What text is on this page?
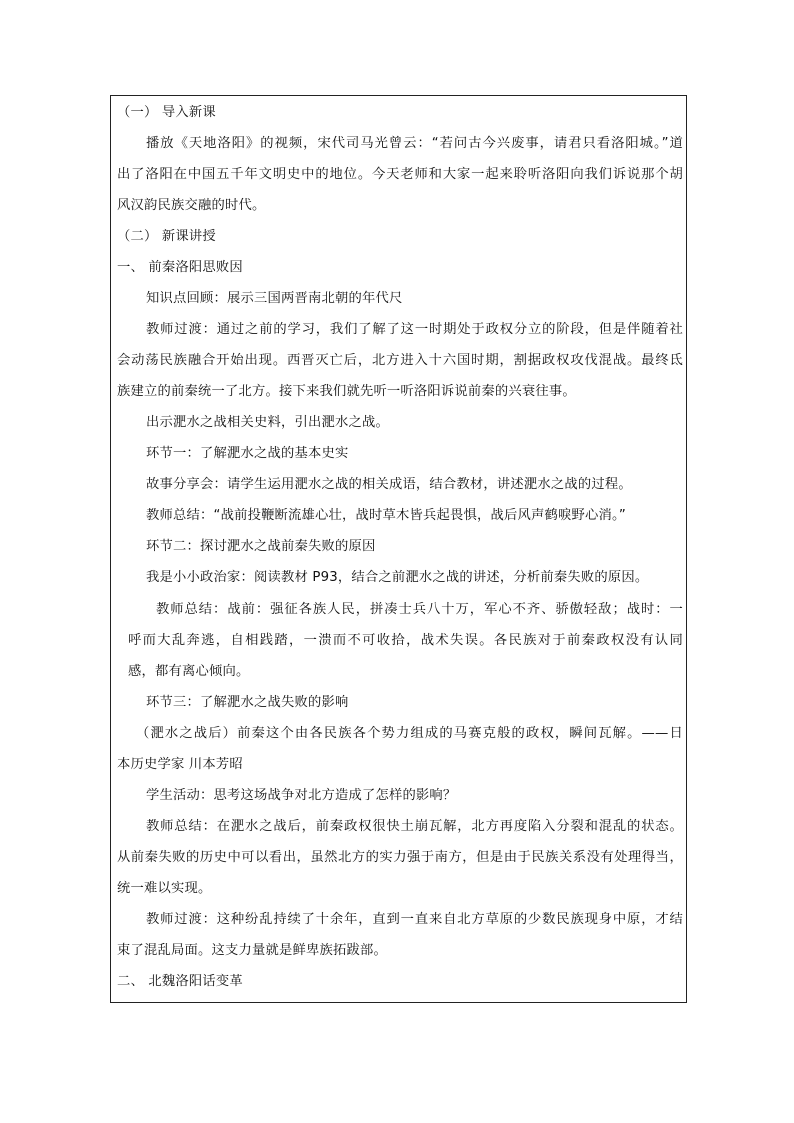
（一） 导入新课
播放《天地洛阳》的视频，宋代司马光曾云：“若问古今兴废事，请君只看洛阳城。”道
出了洛阳在中国五千年文明史中的地位。今天老师和大家一起来聆听洛阳向我们诉说那个胡
风汉韵民族交融的时代。
（二） 新课讲授
一、 前秦洛阳思败因
知识点回顾：展示三国两晋南北朝的年代尺
教师过渡：通过之前的学习，我们了解了这一时期处于政权分立的阶段，但是伴随着社
会动荡民族融合开始出现。西晋灭亡后，北方进入十六国时期，割据政权攻伐混战。最终氐
族建立的前秦统一了北方。接下来我们就先听一听洛阳诉说前秦的兴衰往事。
出示淝水之战相关史料，引出淝水之战。
环节一：了解淝水之战的基本史实
故事分享会：请学生运用淝水之战的相关成语，结合教材，讲述淝水之战的过程。
教师总结：“战前投鞭断流雄心壮，战时草木皆兵起畏惧，战后风声鹤唳野心消。”
环节二：探讨淝水之战前秦失败的原因
我是小小政治家：阅读教材 P93，结合之前淝水之战的讲述，分析前秦失败的原因。
教师总结：战前：强征各族人民，拼凑士兵八十万，军心不齐、骄傲轻敌；战时：一
呼而大乱奔逃，自相践踏，一溃而不可收拾，战术失误。各民族对于前秦政权没有认同
感，都有离心倾向。
环节三：了解淝水之战失败的影响
（淝水之战后）前秦这个由各民族各个势力组成的马赛克般的政权，瞬间瓦解。——日
本历史学家 川本芳昭
学生活动：思考这场战争对北方造成了怎样的影响？
教师总结：在淝水之战后，前秦政权很快土崩瓦解，北方再度陷入分裂和混乱的状态。
从前秦失败的历史中可以看出，虽然北方的实力强于南方，但是由于民族关系没有处理得当，
统一难以实现。
教师过渡：这种纷乱持续了十余年，直到一直来自北方草原的少数民族现身中原，才结
束了混乱局面。这支力量就是鲜卑族拓跋部。
二、 北魏洛阳话变革
